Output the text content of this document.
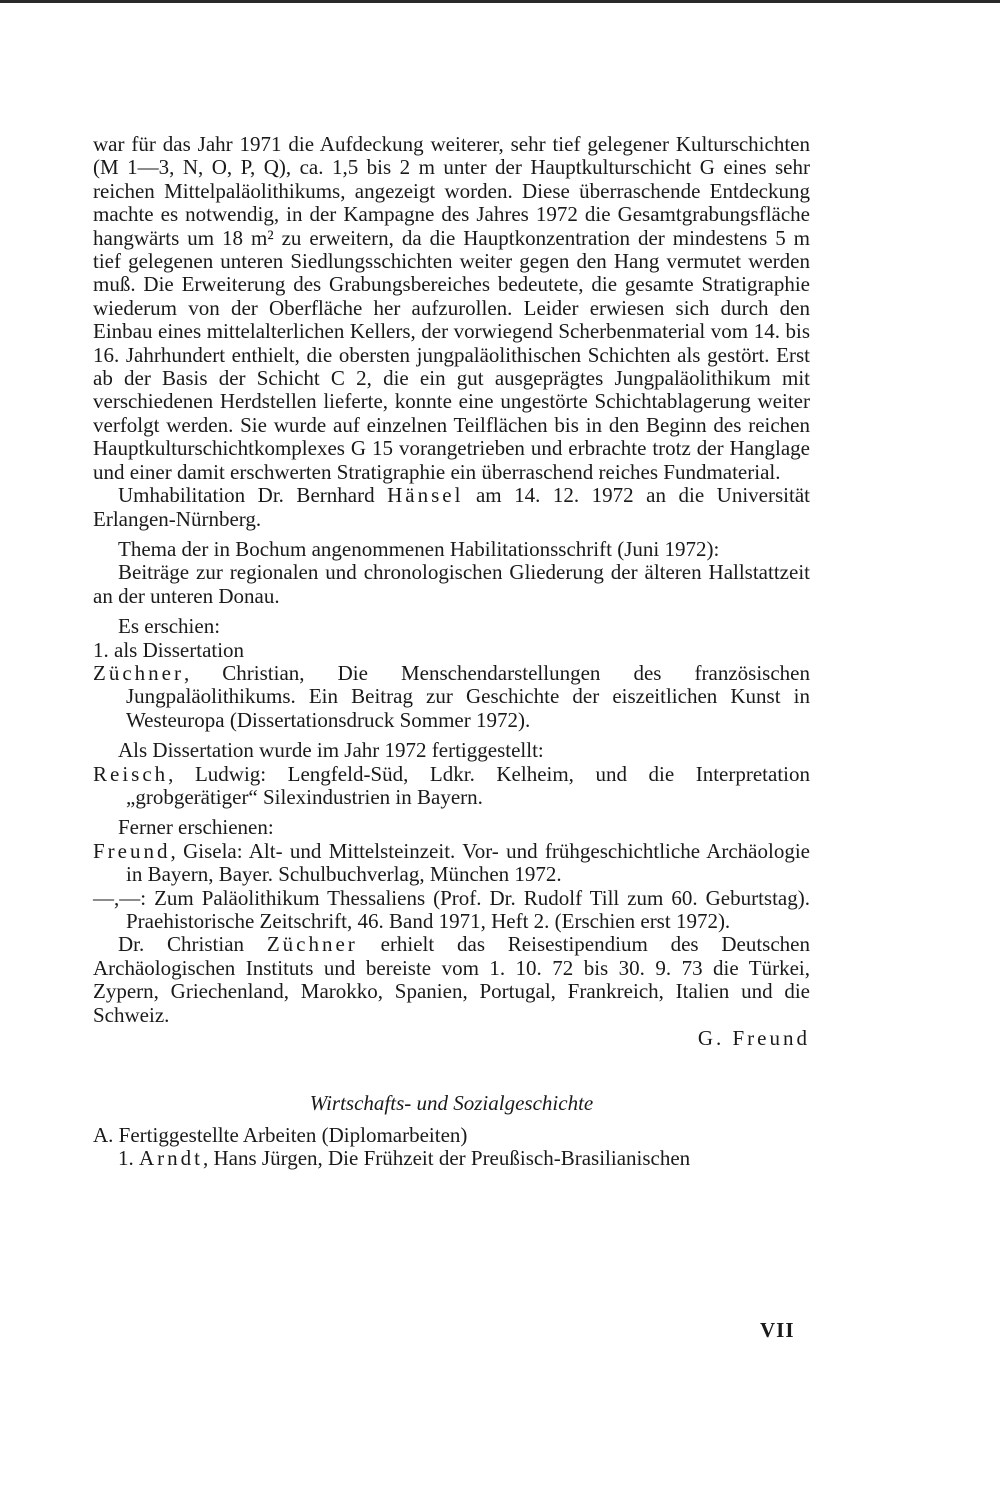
war für das Jahr 1971 die Aufdeckung weiterer, sehr tief gelegener Kulturschichten (M 1—3, N, O, P, Q), ca. 1,5 bis 2 m unter der Hauptkulturschicht G eines sehr reichen Mittelpaläolithikums, angezeigt worden. Diese überraschende Entdeckung machte es notwendig, in der Kampagne des Jahres 1972 die Gesamtgrabungsfläche hangwärts um 18 m² zu erweitern, da die Hauptkonzentration der mindestens 5 m tief gelegenen unteren Siedlungsschichten weiter gegen den Hang vermutet werden muß. Die Erweiterung des Grabungsbereiches bedeutete, die gesamte Stratigraphie wiederum von der Oberfläche her aufzurollen. Leider erwiesen sich durch den Einbau eines mittelalterlichen Kellers, der vorwiegend Scherbenmaterial vom 14. bis 16. Jahrhundert enthielt, die obersten jungpaläolithischen Schichten als gestört. Erst ab der Basis der Schicht C 2, die ein gut ausgeprägtes Jungpaläolithikum mit verschiedenen Herdstellen lieferte, konnte eine ungestörte Schichtablagerung weiter verfolgt werden. Sie wurde auf einzelnen Teilflächen bis in den Beginn des reichen Hauptkulturschichtkomplexes G 15 vorangetrieben und erbrachte trotz der Hanglage und einer damit erschwerten Stratigraphie ein überraschend reiches Fundmaterial.

Umhabilitation Dr. Bernhard Hänsel am 14. 12. 1972 an die Universität Erlangen-Nürnberg.

Thema der in Bochum angenommenen Habilitationsschrift (Juni 1972):

Beiträge zur regionalen und chronologischen Gliederung der älteren Hallstattzeit an der unteren Donau.

Es erschien:

1. als Dissertation

Züchner, Christian, Die Menschendarstellungen des französischen Jungpaläolithikums. Ein Beitrag zur Geschichte der eiszeitlichen Kunst in Westeuropa (Dissertationsdruck Sommer 1972).

Als Dissertation wurde im Jahr 1972 fertiggestellt:

Reisch, Ludwig: Lengfeld-Süd, Ldkr. Kelheim, und die Interpretation „grobgerätiger“ Silexindustrien in Bayern.

Ferner erschienen:

Freund, Gisela: Alt- und Mittelsteinzeit. Vor- und frühgeschichtliche Archäologie in Bayern, Bayer. Schulbuchverlag, München 1972.

—,—: Zum Paläolithikum Thessaliens (Prof. Dr. Rudolf Till zum 60. Geburtstag). Praehistorische Zeitschrift, 46. Band 1971, Heft 2. (Erschien erst 1972).

Dr. Christian Züchner erhielt das Reisestipendium des Deutschen Archäologischen Instituts und bereiste vom 1. 10. 72 bis 30. 9. 73 die Türkei, Zypern, Griechenland, Marokko, Spanien, Portugal, Frankreich, Italien und die Schweiz.

G. Freund

Wirtschafts- und Sozialgeschichte

A. Fertiggestellte Arbeiten (Diplomarbeiten)

1. Arndt, Hans Jürgen, Die Frühzeit der Preußisch-Brasilianischen

VII
